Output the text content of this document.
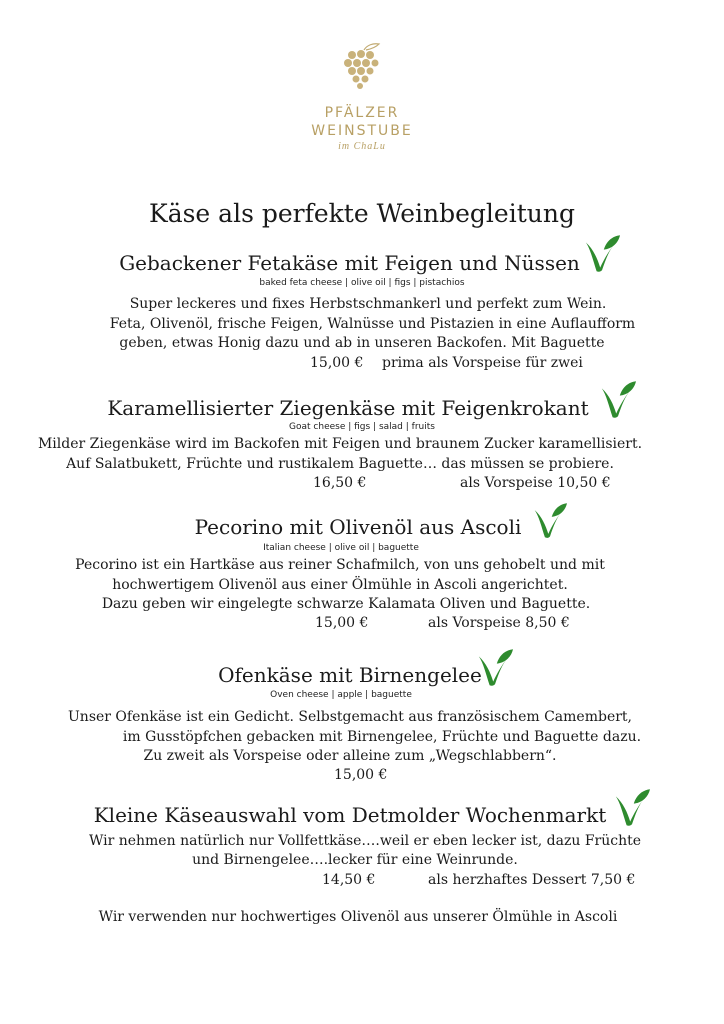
PFÄLZER
WEINSTUBE
im ChaLu
Käse als perfekte Weinbegleitung
Gebackener Fetakäse mit Feigen und Nüssen
baked feta cheese | olive oil | figs | pistachios
Super leckeres und fixes Herbstschmankerl und perfekt zum Wein.
Feta, Olivenöl, frische Feigen, Walnüsse und Pistazien in eine Auflaufform
geben, etwas Honig dazu und ab in unseren Backofen. Mit Baguette
15,00 € prima als Vorspeise für zwei
Karamellisierter Ziegenkäse mit Feigenkrokant
Goat cheese | figs | salad | fruits
Milder Ziegenkäse wird im Backofen mit Feigen und braunem Zucker karamellisiert.
Auf Salatbukett, Früchte und rustikalem Baguette… das müssen se probiere.
16,50 €	als Vorspeise 10,50 €
Pecorino mit Olivenöl aus Ascoli
Italian cheese | olive oil | baguette
Pecorino ist ein Hartkäse aus reiner Schafmilch, von uns gehobelt und mit
hochwertigem Olivenöl aus einer Ölmühle in Ascoli angerichtet.
Dazu geben wir eingelegte schwarze Kalamata Oliven und Baguette.
15,00 €	als Vorspeise 8,50 €
Ofenkäse mit Birnengelee
Oven cheese | apple | baguette
Unser Ofenkäse ist ein Gedicht. Selbstgemacht aus französischem Camembert,
im Gusstöpfchen gebacken mit Birnengelee, Früchte und Baguette dazu.
Zu zweit als Vorspeise oder alleine zum „Wegschlabbern“.
15,00 €
Kleine Käseauswahl vom Detmolder Wochenmarkt
Wir nehmen natürlich nur Vollfettkäse….weil er eben lecker ist, dazu Früchte
und Birnengelee….lecker für eine Weinrunde.
14,50 €	als herzhaftes Dessert 7,50 €
Wir verwenden nur hochwertiges Olivenöl aus unserer Ölmühle in Ascoli
